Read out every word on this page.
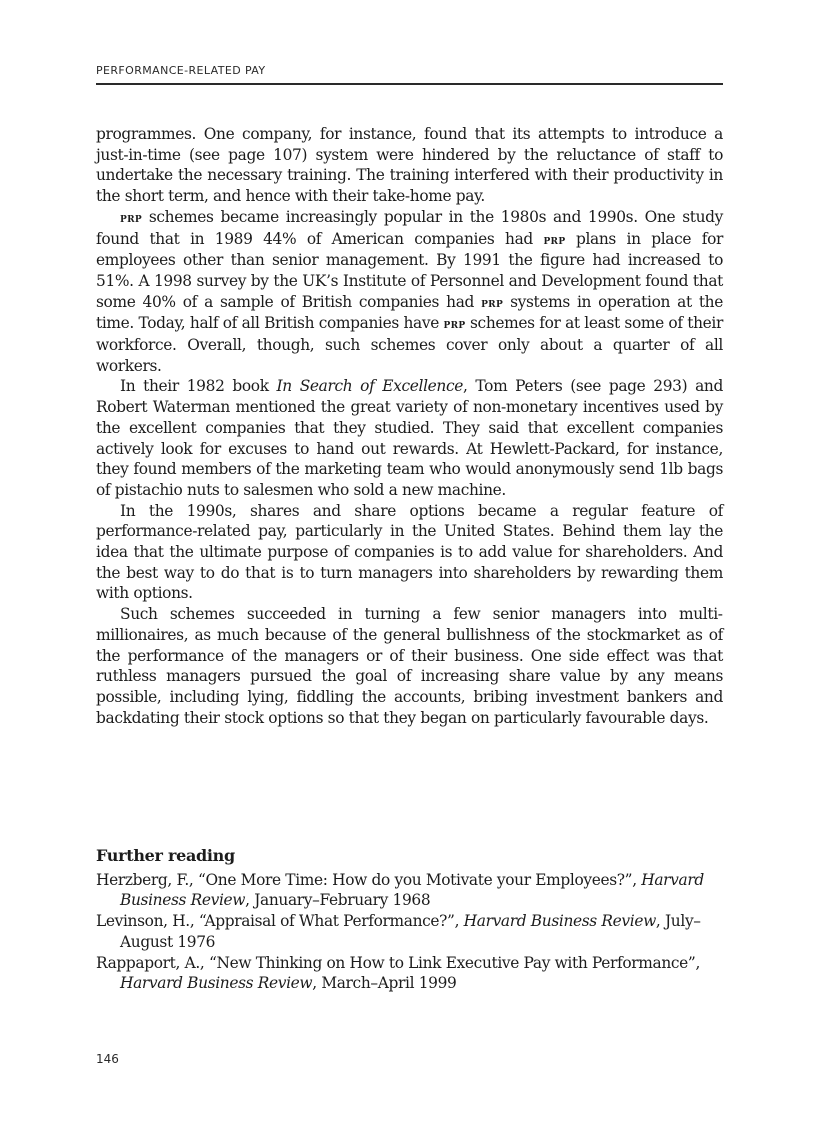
PERFORMANCE-RELATED PAY

programmes. One company, for instance, found that its attempts to introduce a just-in-time (see page 107) system were hindered by the reluctance of staff to undertake the necessary training. The training interfered with their productivity in the short term, and hence with their take-home pay.

prp schemes became increasingly popular in the 1980s and 1990s. One study found that in 1989 44% of American companies had prp plans in place for employees other than senior management. By 1991 the figure had increased to 51%. A 1998 survey by the UK’s Institute of Personnel and Development found that some 40% of a sample of British companies had prp systems in operation at the time. Today, half of all British companies have prp schemes for at least some of their workforce. Overall, though, such schemes cover only about a quarter of all workers.

In their 1982 book In Search of Excellence, Tom Peters (see page 293) and Robert Waterman mentioned the great variety of non-monetary incentives used by the excellent companies that they studied. They said that excellent companies actively look for excuses to hand out rewards. At Hewlett-Packard, for instance, they found members of the marketing team who would anonymously send 1lb bags of pistachio nuts to salesmen who sold a new machine.

In the 1990s, shares and share options became a regular feature of performance-related pay, particularly in the United States. Behind them lay the idea that the ultimate purpose of companies is to add value for shareholders. And the best way to do that is to turn managers into shareholders by rewarding them with options.

Such schemes succeeded in turning a few senior managers into multimillionaires, as much because of the general bullishness of the stockmarket as of the performance of the managers or of their business. One side effect was that ruthless managers pursued the goal of increasing share value by any means possible, including lying, fiddling the accounts, bribing investment bankers and backdating their stock options so that they began on particularly favourable days.

Further reading

Herzberg, F., “One More Time: How do you Motivate your Employees?”, Harvard Business Review, January–February 1968

Levinson, H., “Appraisal of What Performance?”, Harvard Business Review, July–August 1976

Rappaport, A., “New Thinking on How to Link Executive Pay with Performance”, Harvard Business Review, March–April 1999

146
